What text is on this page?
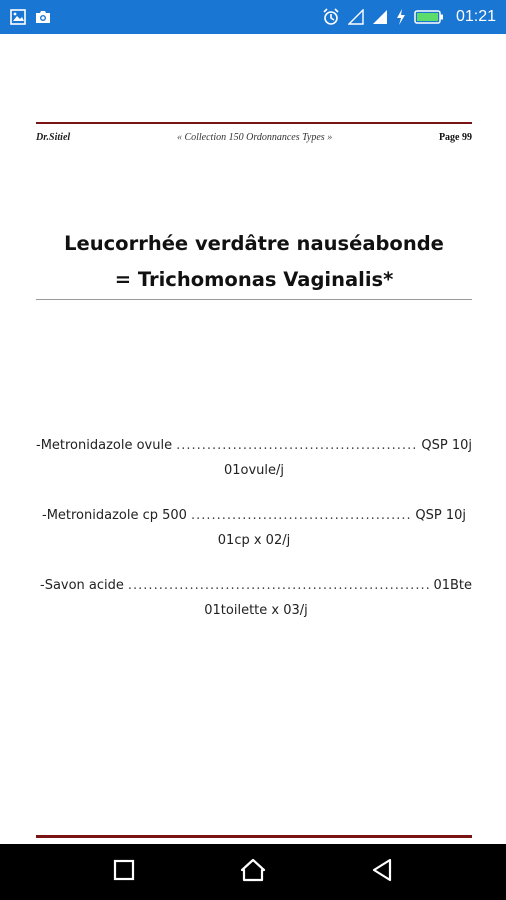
01:21
Dr.Sitiel	« Collection 150 Ordonnances Types »	Page 99
Leucorrhée verdâtre nauséabonde
= Trichomonas Vaginalis*
-Metronidazole ovule .....	QSP 10j
01ovule/j
-Metronidazole cp 500 .....	QSP 10j
01cp x 02/j
-Savon acide .....	01Bte
01toilette x 03/j
